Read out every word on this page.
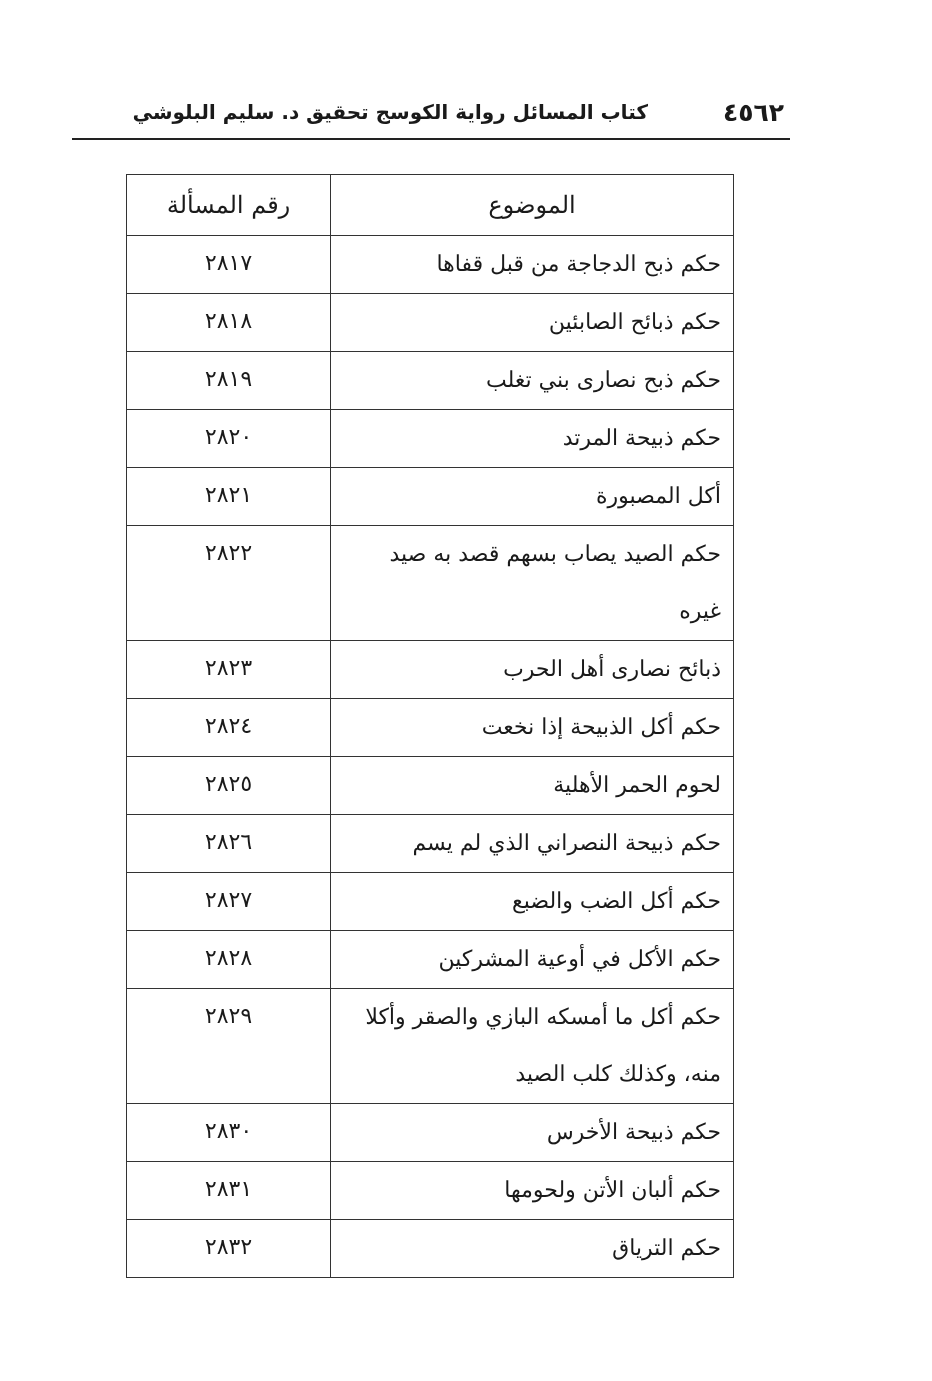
٤٥٦٢
كتاب المسائل رواية الكوسج تحقيق د. سليم البلوشي
الموضوع	رقم المسألة

حكم ذبح الدجاجة من قبل قفاها	٢٨١٧

حكم ذبائح الصابئين	٢٨١٨

حكم ذبح نصارى بني تغلب	٢٨١٩

حكم ذبيحة المرتد	٢٨٢٠

أكل المصبورة	٢٨٢١

حكم الصيد يصاب بسهم قصد به صيد غيره	٢٨٢٢

ذبائح نصارى أهل الحرب	٢٨٢٣

حكم أكل الذبيحة إذا نخعت	٢٨٢٤

لحوم الحمر الأهلية	٢٨٢٥

حكم ذبيحة النصراني الذي لم يسم	٢٨٢٦

حكم أكل الضب والضبع	٢٨٢٧

حكم الأكل في أوعية المشركين	٢٨٢٨

حكم أكل ما أمسكه البازي والصقر وأكلا منه، وكذلك كلب الصيد	٢٨٢٩

حكم ذبيحة الأخرس	٢٨٣٠

حكم ألبان الأتن ولحومها	٢٨٣١

حكم الترياق	٢٨٣٢
